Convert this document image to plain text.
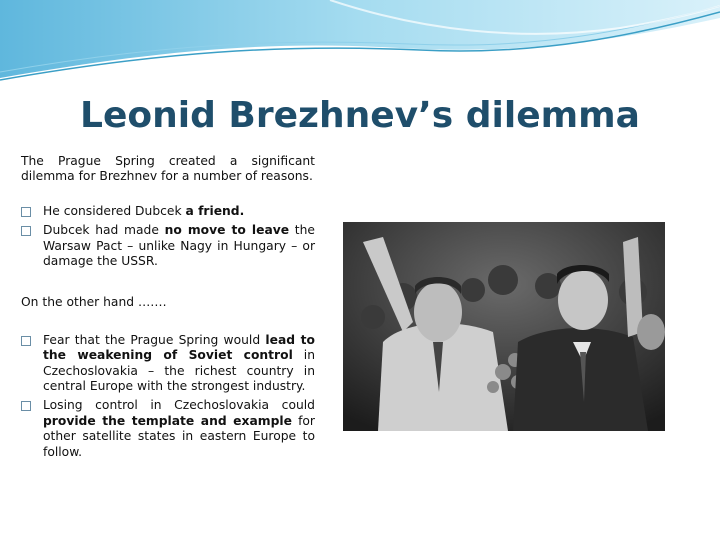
Leonid Brezhnev’s dilemma
The Prague Spring created a significant dilemma for Brezhnev for a number of reasons.
He considered Dubcek a friend.
Dubcek had made no move to leave the Warsaw Pact – unlike Nagy in Hungary – or damage the USSR.
On the other hand …….
Fear that the Prague Spring would lead to the weakening of Soviet control in Czechoslovakia – the richest country in central Europe with the strongest industry.
Losing control in Czechoslovakia could provide the template and example for other satellite states in eastern Europe to follow.
